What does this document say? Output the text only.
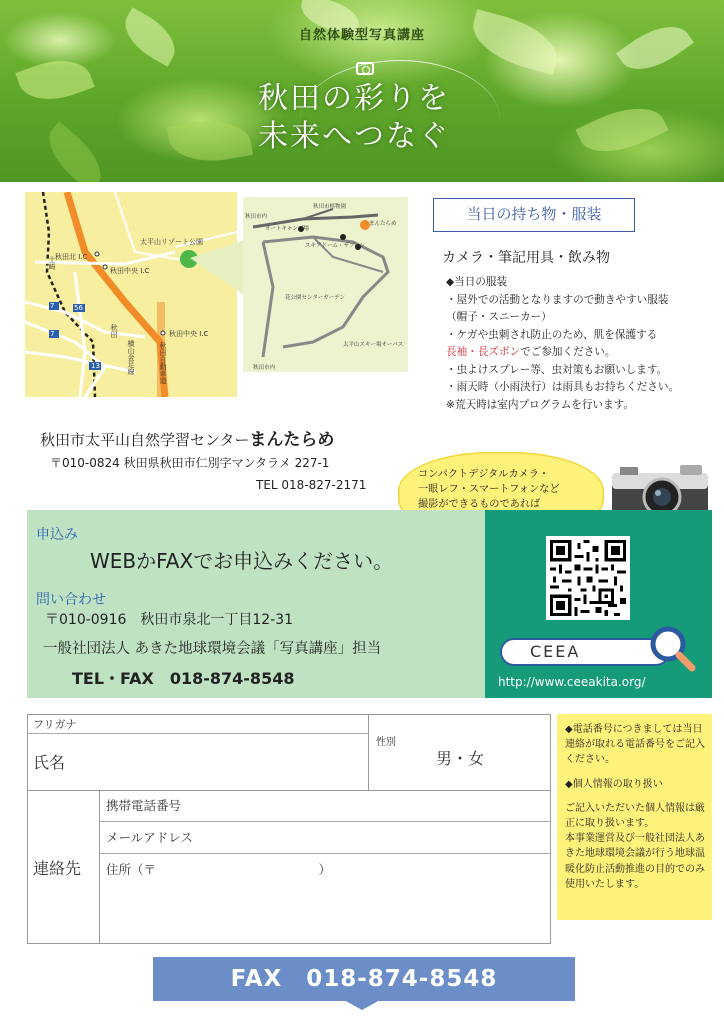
自然体験型写真講座
秋田の彩りを
未来へつなぐ
太平山リゾート公園
秋田北 I.C
秋田中央 I.C
秋田中央 I.C
秋田自動車道
横山金足線
土崎
秋田
7
7
56
13
秋田市植物園
秋田市内
オートキャンプ場
まんたらめ
スキアドーム・ザブーン
花公園センターガーデン
太平山スキー場オーパス
秋田市内
当日の持ち物・服装
カメラ・筆記用具・飲み物
◆当日の服装
・屋外での活動となりますので動きやすい服装
（帽子・スニーカー）
・ケガや虫刺され防止のため、肌を保護する
長袖・長ズボンでご参加ください。
・虫よけスプレー等、虫対策もお願いします。
・雨天時（小雨決行）は雨具もお持ちください。
※荒天時は室内プログラムを行います。
秋田市太平山自然学習センターまんたらめ
〒010-0824 秋田県秋田市仁別字マンタラメ 227-1
TEL 018-827-2171
コンパクトデジタルカメラ・
一眼レフ・スマートフォンなど
撮影ができるものであれば
申込み
WEBかFAXでお申込みください。
問い合わせ
〒010-0916　秋田市泉北一丁目12-31
一般社団法人 あきた地球環境会議「写真講座」担当
TEL・FAX　018-874-8548
CEEA
http://www.ceeakita.org/
フリガナ
氏名
性別
男・女
連絡先
携帯電話番号
メールアドレス
住所（〒　　　　　　　　　　　　　）

◆電話番号につきましては当日連絡が取れる電話番号をご記入ください。

◆個人情報の取り扱い
ご記入いただいた個人情報は厳正に取り扱います。
本事業運営及び一般社団法人あきた地球環境会議が行う地球温暖化防止活動推進の目的でのみ使用いたします。
FAX　018-874-8548
